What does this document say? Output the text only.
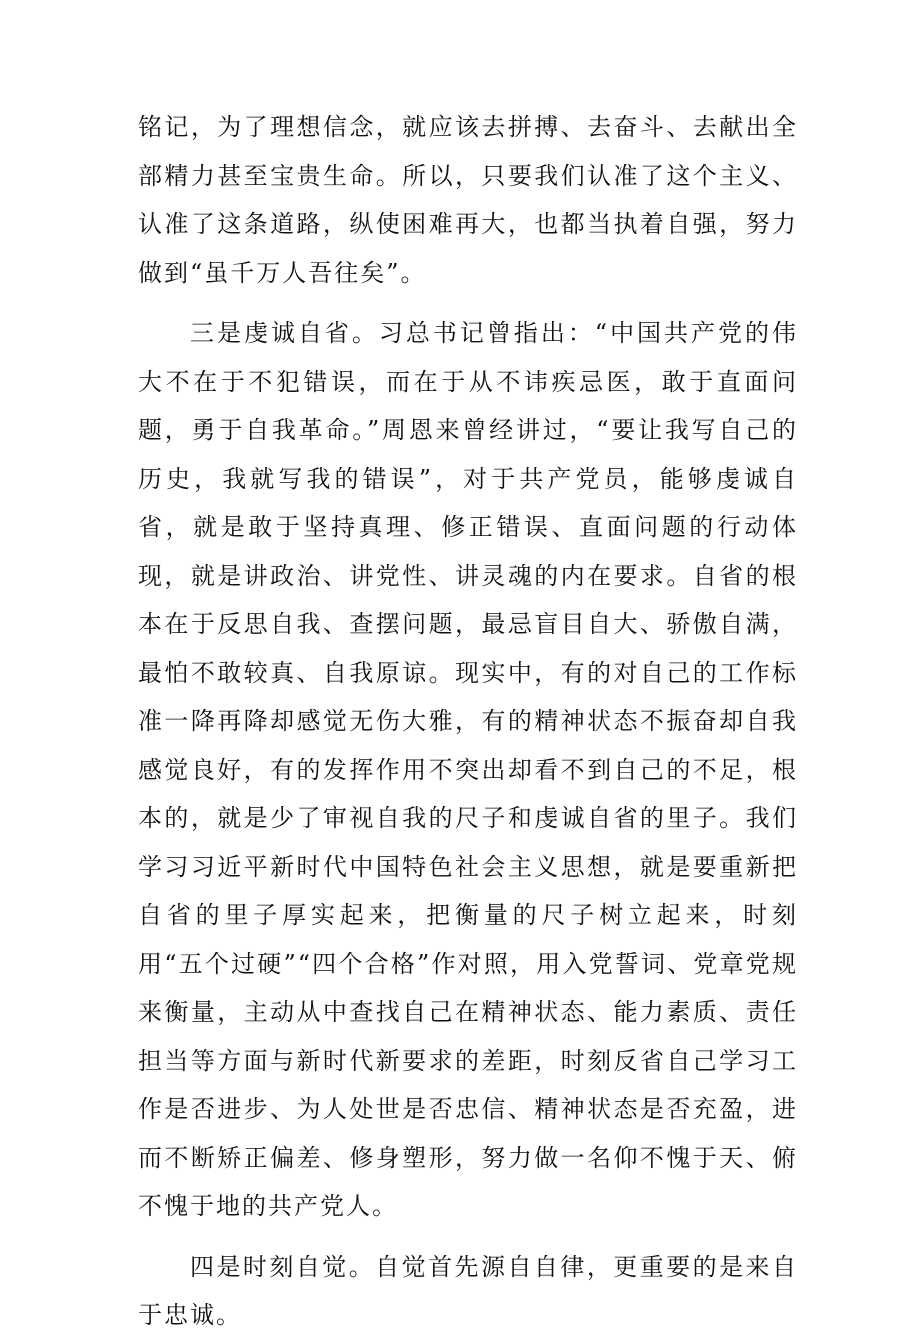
铭记，为了理想信念，就应该去拼搏、去奋斗、去献出全部精力甚至宝贵生命。所以，只要我们认准了这个主义、认准了这条道路，纵使困难再大，也都当执着自强，努力做到“虽千万人吾往矣”。

三是虔诚自省。习总书记曾指出：“中国共产党的伟大不在于不犯错误，而在于从不讳疾忌医，敢于直面问题，勇于自我革命。”周恩来曾经讲过，“要让我写自己的历史，我就写我的错误”，对于共产党员，能够虔诚自省，就是敢于坚持真理、修正错误、直面问题的行动体现，就是讲政治、讲党性、讲灵魂的内在要求。自省的根本在于反思自我、查摆问题，最忌盲目自大、骄傲自满，最怕不敢较真、自我原谅。现实中，有的对自己的工作标准一降再降却感觉无伤大雅，有的精神状态不振奋却自我感觉良好，有的发挥作用不突出却看不到自己的不足，根本的，就是少了审视自我的尺子和虔诚自省的里子。我们学习习近平新时代中国特色社会主义思想，就是要重新把自省的里子厚实起来，把衡量的尺子树立起来，时刻用“五个过硬”“四个合格”作对照，用入党誓词、党章党规来衡量，主动从中查找自己在精神状态、能力素质、责任担当等方面与新时代新要求的差距，时刻反省自己学习工作是否进步、为人处世是否忠信、精神状态是否充盈，进而不断矫正偏差、修身塑形，努力做一名仰不愧于天、俯不愧于地的共产党人。

四是时刻自觉。自觉首先源自自律，更重要的是来自于忠诚。
